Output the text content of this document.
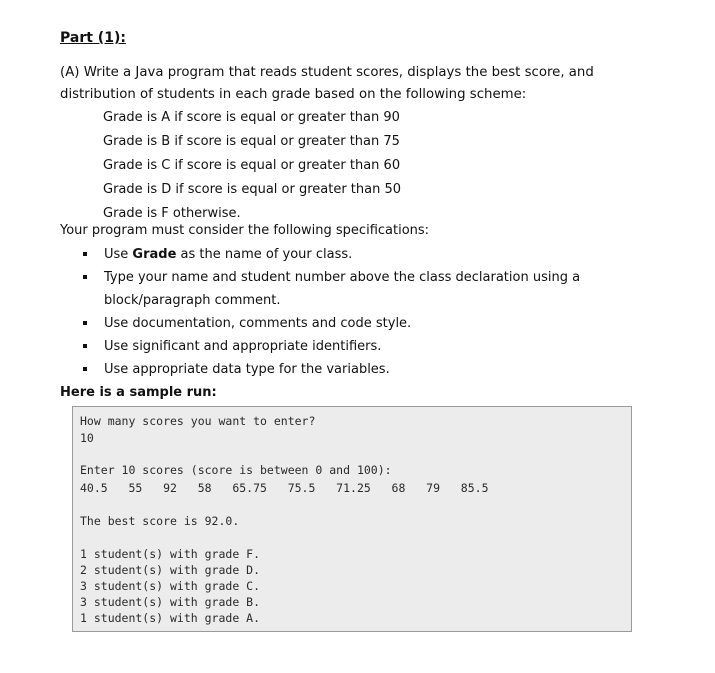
Part (1):

(A) Write a Java program that reads student scores, displays the best score, and distribution of students in each grade based on the following scheme:

Grade is A if score is equal or greater than 90
Grade is B if score is equal or greater than 75
Grade is C if score is equal or greater than 60
Grade is D if score is equal or greater than 50
Grade is F otherwise.

Your program must consider the following specifications:

Use Grade as the name of your class.
Type your name and student number above the class declaration using a block/paragraph comment.
Use documentation, comments and code style.
Use significant and appropriate identifiers.
Use appropriate data type for the variables.

Here is a sample run:

How many scores you want to enter?
10
Enter 10 scores (score is between 0 and 100):
40.5   55   92   58   65.75   75.5   71.25   68   79   85.5
The best score is 92.0.
1 student(s) with grade F.
2 student(s) with grade D.
3 student(s) with grade C.
3 student(s) with grade B.
1 student(s) with grade A.
